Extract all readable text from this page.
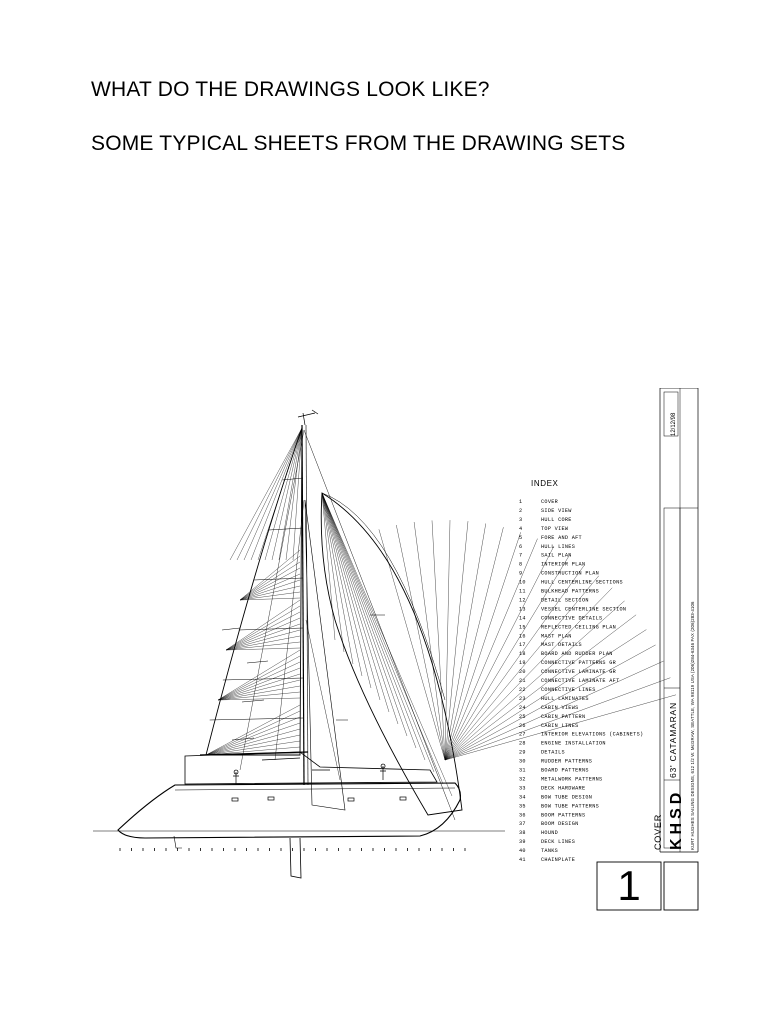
WHAT DO THE DRAWINGS LOOK LIKE?
SOME TYPICAL SHEETS FROM THE DRAWING SETS
INDEX
1	COVER
2	SIDE VIEW
3	HULL CORE
4	TOP VIEW
5	FORE AND AFT
6	HULL LINES
7	SAIL PLAN
8	INTERIOR PLAN
9	CONSTRUCTION PLAN
10	HULL CENTERLINE SECTIONS
11	BULKHEAD PATTERNS
12	DETAIL SECTION
13	VESSEL CENTERLINE SECTION
14	CONNECTIVE DETAILS
15	REFLECTED CEILING PLAN
16	MAST PLAN
17	MAST DETAILS
18	BOARD AND RUDDER PLAN
19	CONNECTIVE PATTERNS GR
20	CONNECTIVE LAMINATE GR
21	CONNECTIVE LAMINATE AFT
22	CONNECTIVE LINES
23	HULL LAMINATES
24	CABIN VIEWS
25	CABIN PATTERN
26	CABIN LINES
27	INTERIOR ELEVATIONS (CABINETS)
28	ENGINE INSTALLATION
29	DETAILS
30	RUDDER PATTERNS
31	BOARD PATTERNS
32	METALWORK PATTERNS
33	DECK HARDWARE
34	BOW TUBE DESIGN
35	BOW TUBE PATTERNS
36	BOOM PATTERNS
37	BOOM DESIGN
38	HOUND
39	DECK LINES
40	TANKS
41	CHAINPLATE
12/12/98
KURT HUGHES SAILING DESIGNS, 612 1/2 W. McGRAW, SEATTLE, WA 98119 USA (206)284-6346 FAX (206)283-4106
63' CATAMARAN
KHSD
COVER
1
